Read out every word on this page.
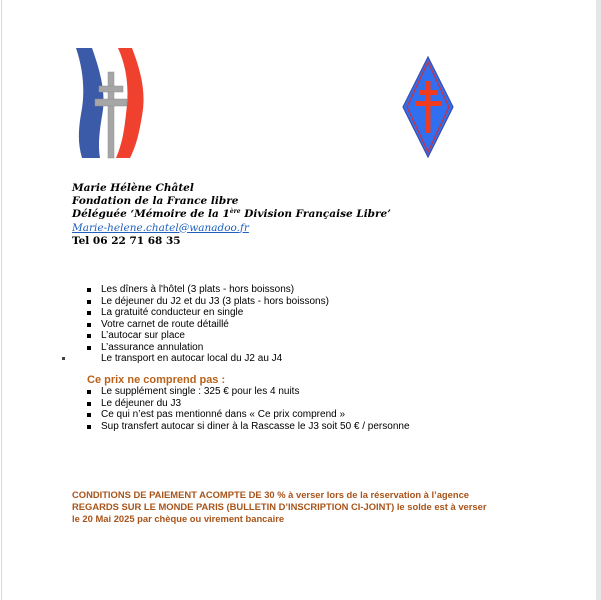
Marie Hélène Châtel
Fondation de la France libre
Déléguée ‘Mémoire de la 1ère Division Française Libre’
Marie-helene.chatel@wanadoo.fr
Tel 06 22 71 68 35
Les dîners à l'hôtel (3 plats - hors boissons)
Le déjeuner du J2 et du J3 (3 plats - hors boissons)
La gratuité conducteur en single
Votre carnet de route détaillé
L’autocar sur place
L’assurance annulation
Le transport en autocar local du J2 au J4
Ce prix ne comprend pas :
Le supplément single : 325 € pour les 4 nuits
Le déjeuner du J3
Ce qui n’est pas mentionné dans « Ce prix comprend »
Sup transfert autocar si diner à la Rascasse le J3 soit 50 € / personne
CONDITIONS DE PAIEMENT ACOMPTE DE 30 % à verser lors de la réservation à l’agence
REGARDS SUR LE MONDE PARIS (BULLETIN D’INSCRIPTION CI-JOINT) le solde est à verser
le 20 Mai 2025 par chèque ou virement bancaire
